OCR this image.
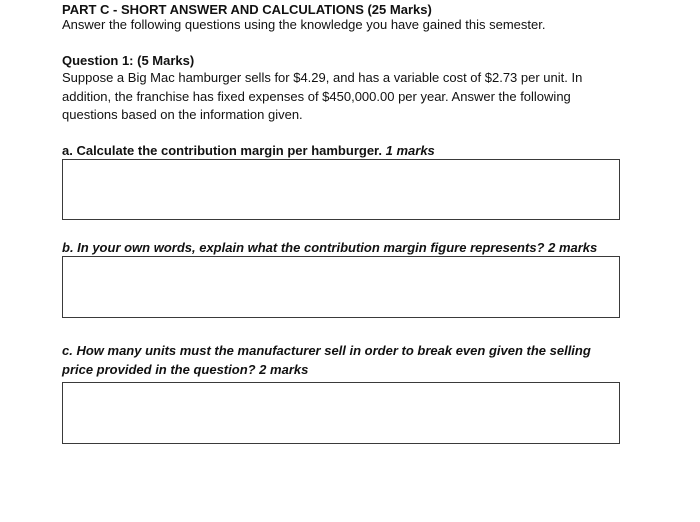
PART C - SHORT ANSWER AND CALCULATIONS (25 Marks)
Answer the following questions using the knowledge you have gained this semester.
Question 1: (5 Marks)
Suppose a Big Mac hamburger sells for $4.29, and has a variable cost of $2.73 per unit. In
addition, the franchise has fixed expenses of $450,000.00 per year. Answer the following
questions based on the information given.
a. Calculate the contribution margin per hamburger. 1 marks
b. In your own words, explain what the contribution margin figure represents? 2 marks
c. How many units must the manufacturer sell in order to break even given the selling
price provided in the question? 2 marks
